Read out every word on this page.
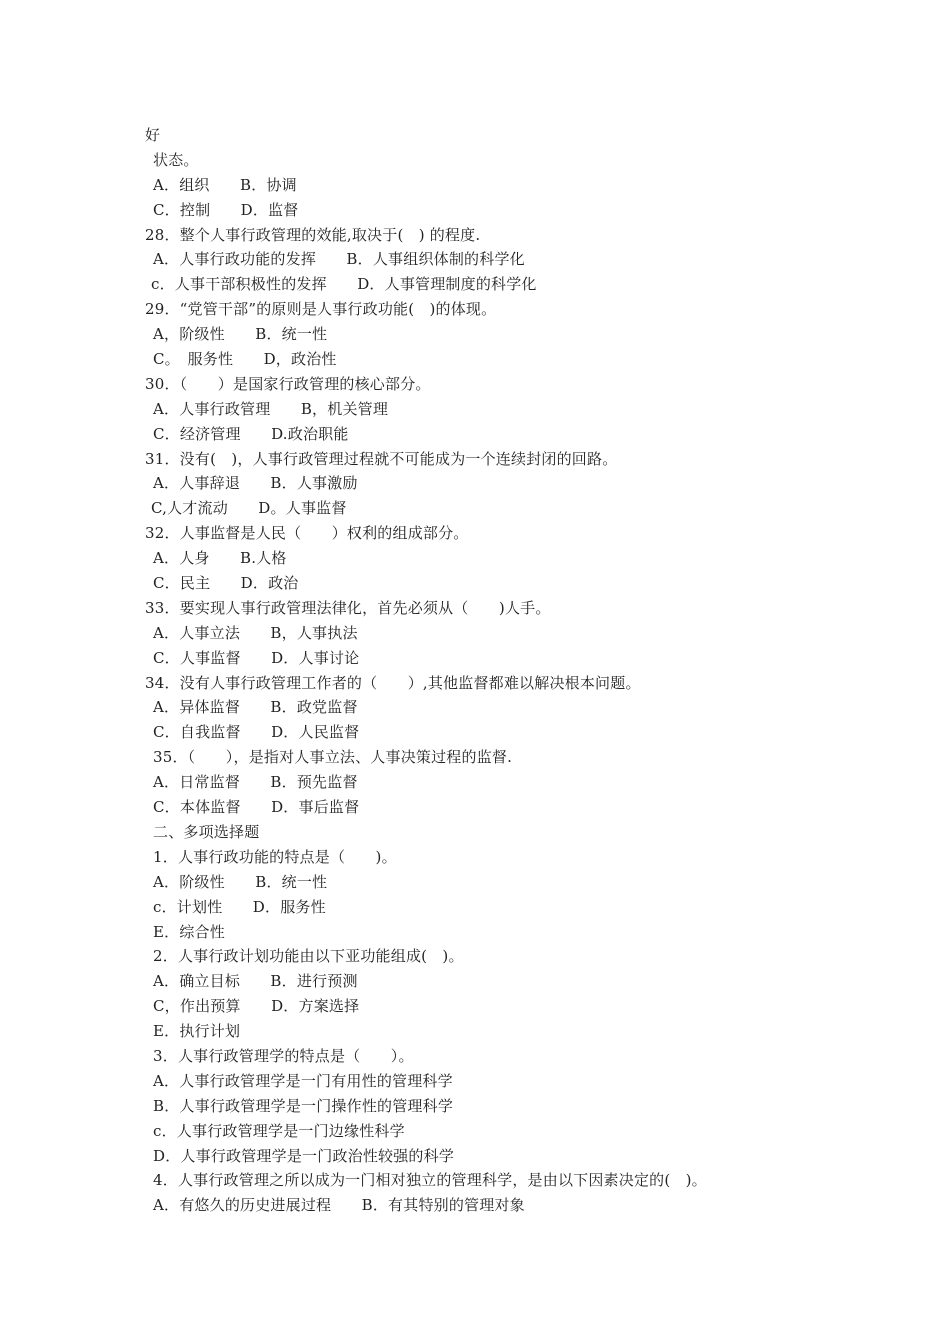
好
状态。
A．组织　　B．协调
C．控制　　D．监督
28．整个人事行政管理的效能,取决于(　) 的程度.
A．人事行政功能的发挥　　B．人事组织体制的科学化
c．人事干部积极性的发挥　　D．人事管理制度的科学化
29．“党管干部”的原则是人事行政功能(　)的体现。
A，阶级性　　B．统一性
C。　服务性　　D，政治性
30．（　　）是国家行政管理的核心部分。
A．人事行政管理　　B，机关管理
C．经济管理　　D.政治职能
31．没有(　)，人事行政管理过程就不可能成为一个连续封闭的回路。
A．人事辞退　　B．人事激励
C,人才流动　　D。人事监督
32．人事监督是人民（　　）权利的组成部分。
A．人身　　B.人格
C．民主　　D．政治
33．要实现人事行政管理法律化，首先必须从（　　)人手。
A．人事立法　　B，人事执法
C．人事监督　　D．人事讨论
34．没有人事行政管理工作者的（　　）,其他监督都难以解决根本问题。
A．异体监督　　B．政党监督
C．自我监督　　D．人民监督
35．（　　），是指对人事立法、人事决策过程的监督.
A．日常监督　　B．预先监督
C．本体监督　　D．事后监督
二、多项选择题
1．人事行政功能的特点是（　　)。
A．阶级性　　B．统一性
c．计划性　　D．服务性
E．综合性
2．人事行政计划功能由以下亚功能组成(　)。
A．确立目标　　B．进行预测
C，作出预算　　D．方案选择
E．执行计划
3．人事行政管理学的特点是（　　）。
A．人事行政管理学是一门有用性的管理科学
B．人事行政管理学是一门操作性的管理科学
c．人事行政管理学是一门边缘性科学
D．人事行政管理学是一门政治性较强的科学
4．人事行政管理之所以成为一门相对独立的管理科学，是由以下因素决定的(　)。
A．有悠久的历史进展过程　　B．有其特别的管理对象
